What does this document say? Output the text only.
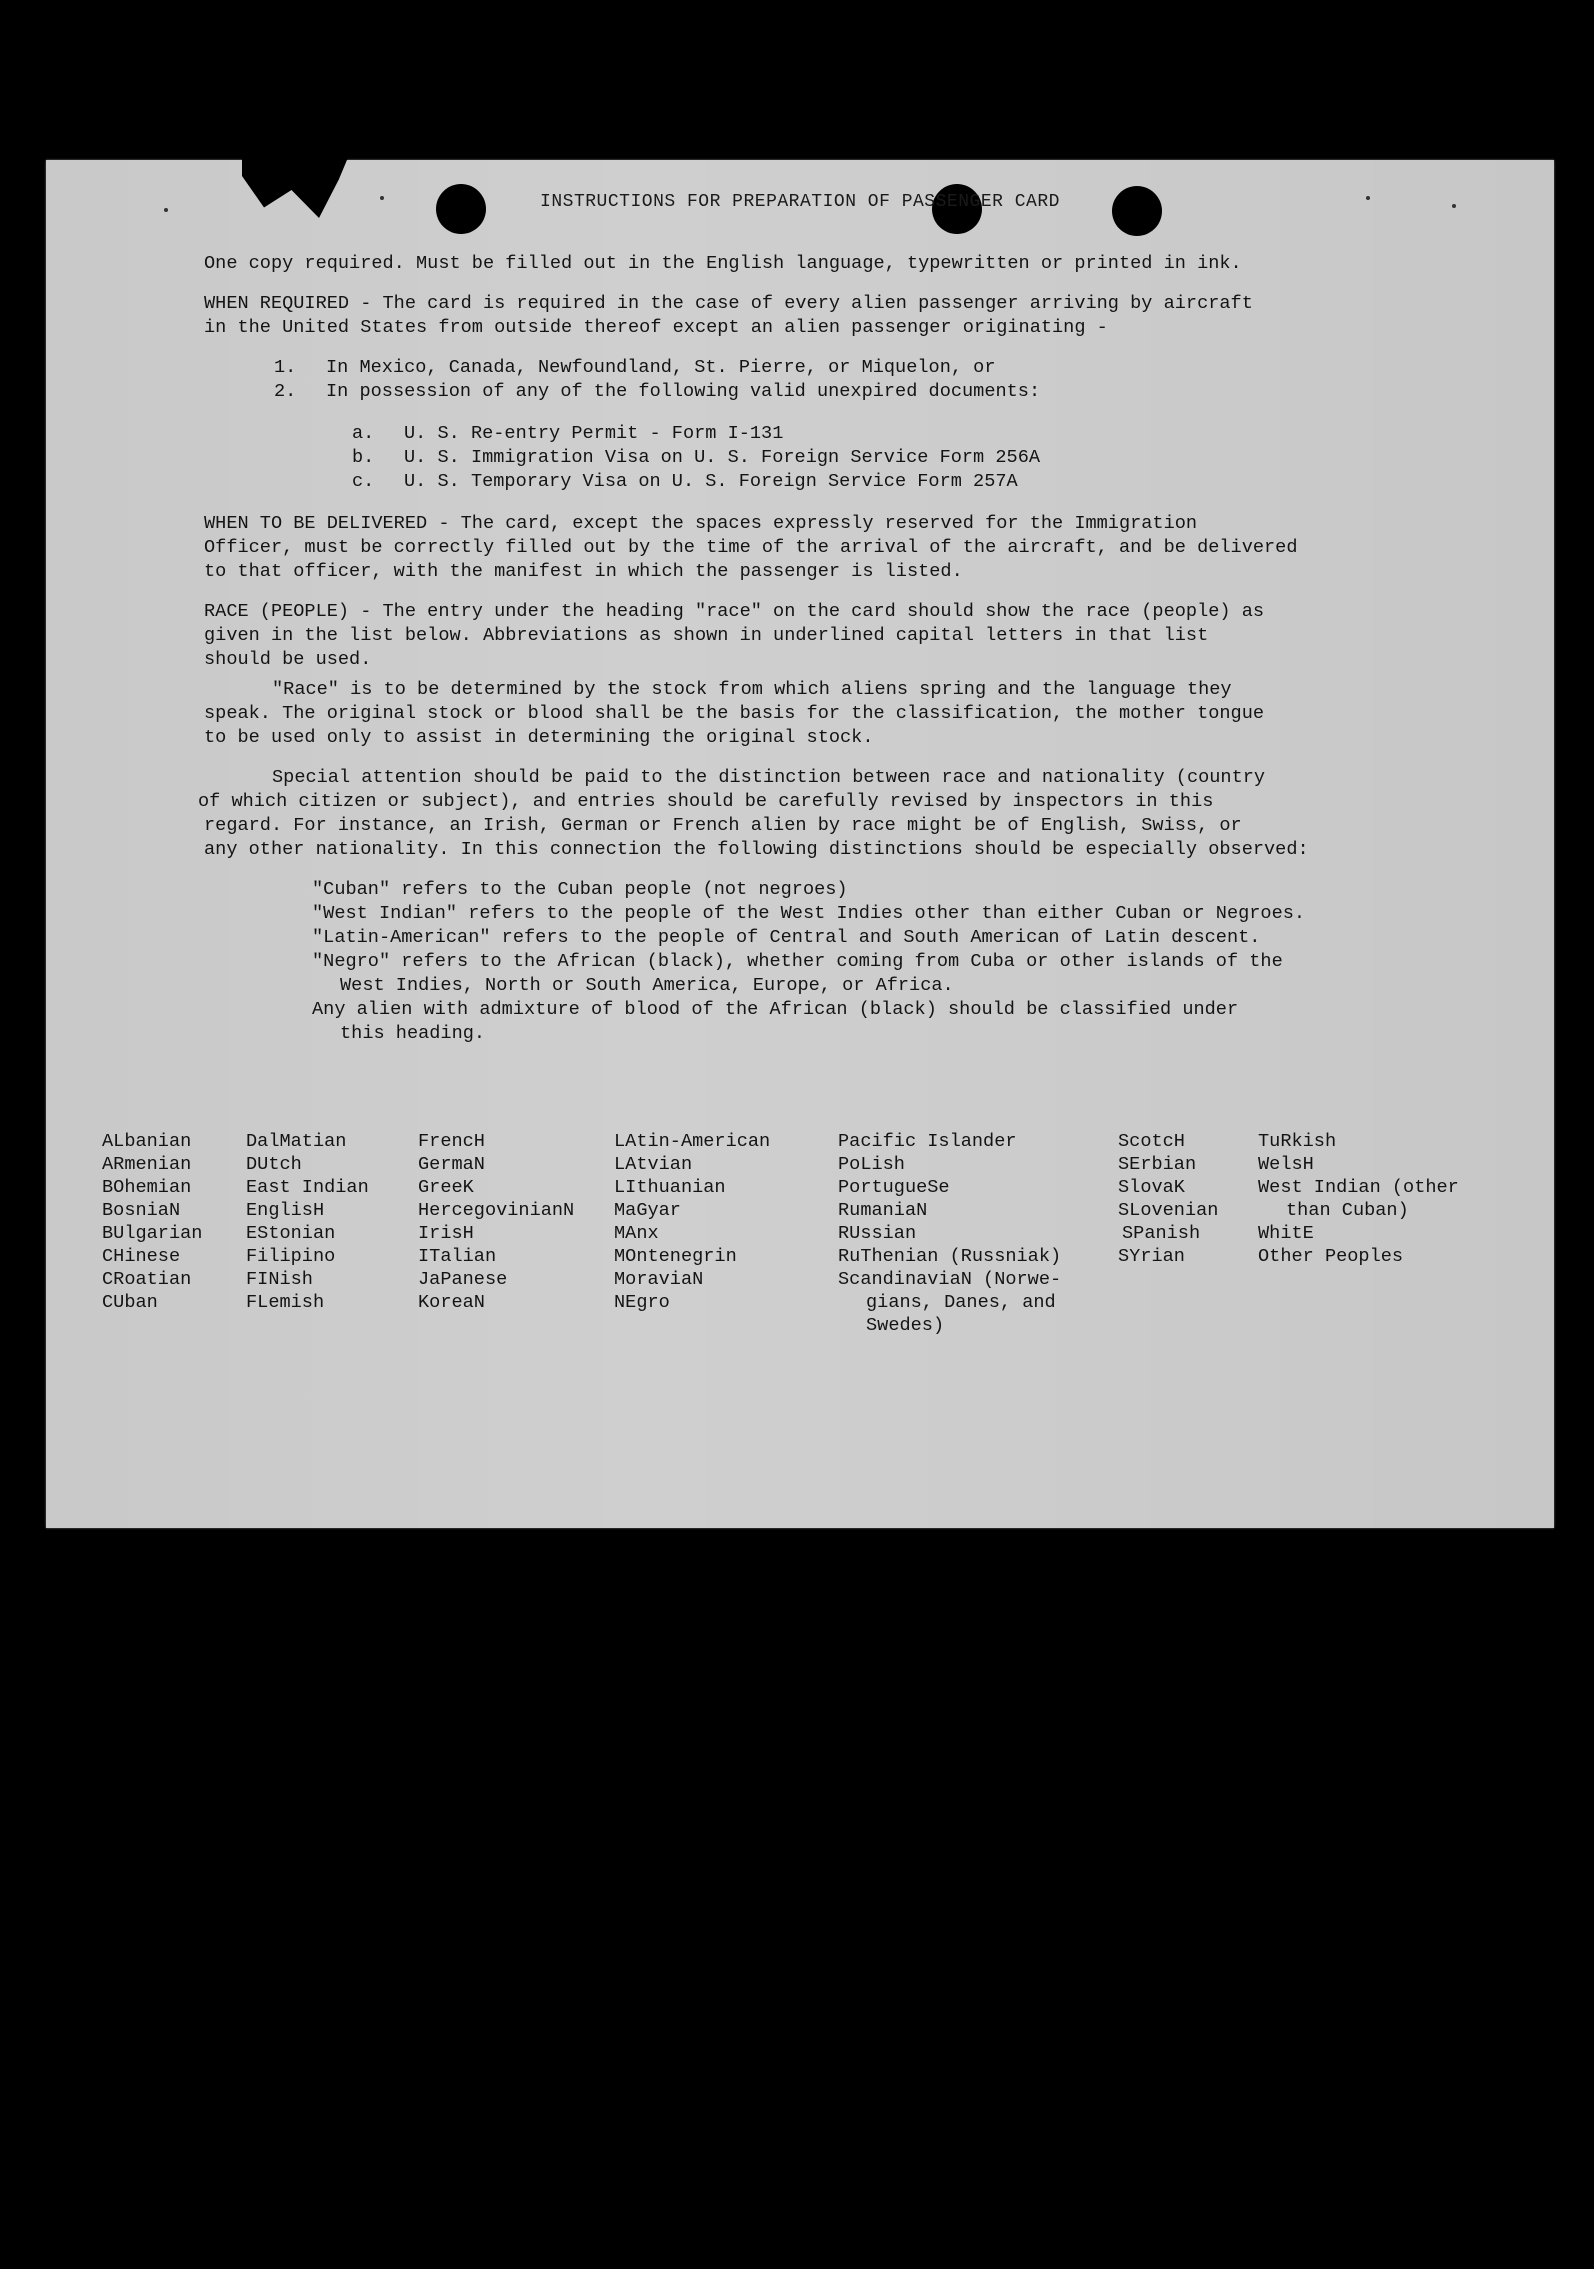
INSTRUCTIONS FOR PREPARATION OF PASSENGER CARD

One copy required. Must be filled out in the English language, typewritten or printed in ink.

WHEN REQUIRED - The card is required in the case of every alien passenger arriving by aircraft

in the United States from outside thereof except an alien passenger originating -

1. In Mexico, Canada, Newfoundland, St. Pierre, or Miquelon, or

2. In possession of any of the following valid unexpired documents:

a. U. S. Re-entry Permit - Form I-131

b. U. S. Immigration Visa on U. S. Foreign Service Form 256A

c. U. S. Temporary Visa on U. S. Foreign Service Form 257A

WHEN TO BE DELIVERED - The card, except the spaces expressly reserved for the Immigration

Officer, must be correctly filled out by the time of the arrival of the aircraft, and be delivered

to that officer, with the manifest in which the passenger is listed.

RACE (PEOPLE) - The entry under the heading "race" on the card should show the race (people) as

given in the list below. Abbreviations as shown in underlined capital letters in that list

should be used.

"Race" is to be determined by the stock from which aliens spring and the language they

speak. The original stock or blood shall be the basis for the classification, the mother tongue

to be used only to assist in determining the original stock.

Special attention should be paid to the distinction between race and nationality (country

of which citizen or subject), and entries should be carefully revised by inspectors in this

regard. For instance, an Irish, German or French alien by race might be of English, Swiss, or

any other nationality. In this connection the following distinctions should be especially observed:

"Cuban" refers to the Cuban people (not negroes)

"West Indian" refers to the people of the West Indies other than either Cuban or Negroes.

"Latin-American" refers to the people of Central and South American of Latin descent.

"Negro" refers to the African (black), whether coming from Cuba or other islands of the

West Indies, North or South America, Europe, or Africa.

Any alien with admixture of blood of the African (black) should be classified under

this heading.

ALbanian
ARmenian
BOhemian
BosniaN
BUlgarian
CHinese
CRoatian
CUban
DalMatian
DUtch
East Indian
EnglisH
EStonian
Filipino
FINish
FLemish
FrencH
GermaN
GreeK
HercegovinianN
IrisH
ITalian
JaPanese
KoreaN
LAtin-American
LAtvian
LIthuanian
MaGyar
MAnx
MOntenegrin
MoraviaN
NEgro
Pacific Islander
PoLish
PortugueSe
RumaniaN
RUssian
RuThenian (Russniak)
ScandinaviaN (Norwe-
gians, Danes, and
Swedes)
ScotcH
SErbian
SlovaK
SLovenian
SPanish
SYrian
TuRkish
WelsH
West Indian (other
than Cuban)
WhitE
Other Peoples
